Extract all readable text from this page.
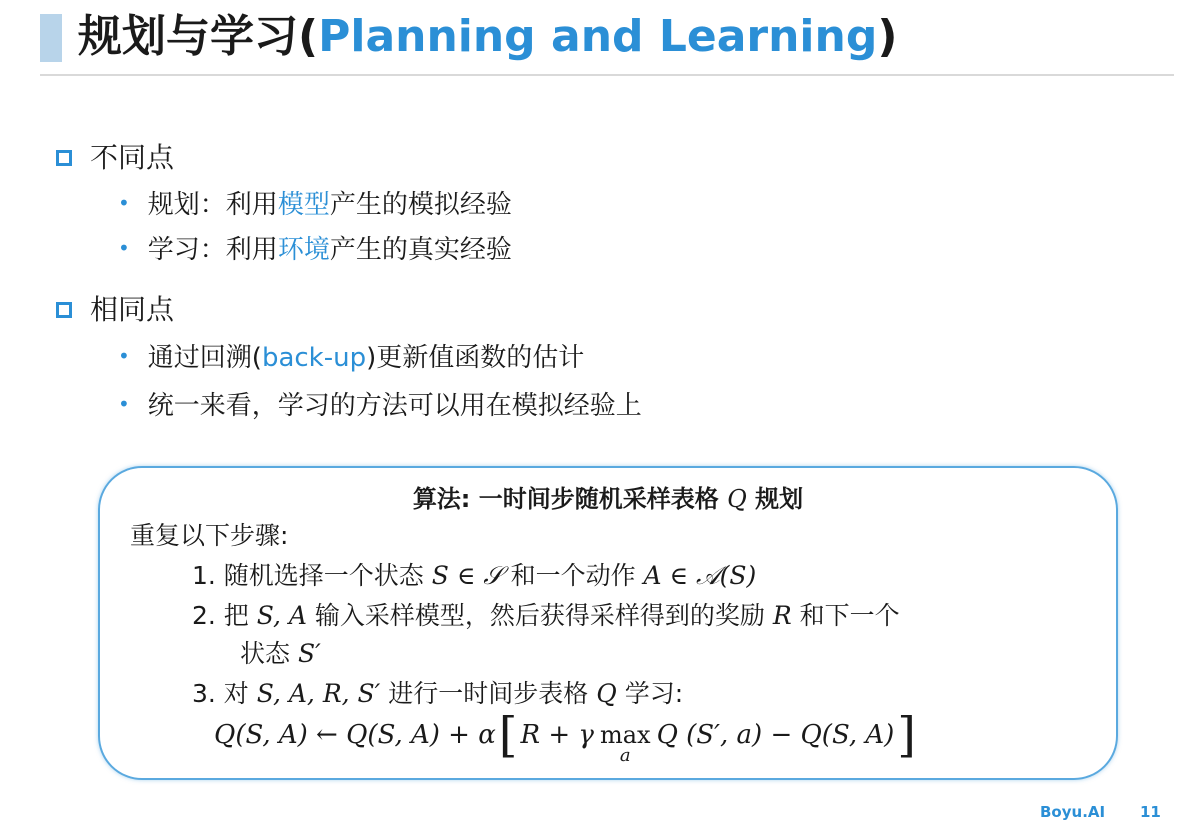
规划与学习(Planning and Learning)
不同点
• 规划：利用模型产生的模拟经验
• 学习：利用环境产生的真实经验
相同点
• 通过回溯(back-up)更新值函数的估计
• 统一来看，学习的方法可以用在模拟经验上
算法: 一时间步随机采样表格 Q 规划
重复以下步骤:
1. 随机选择一个状态 S ∈ 𝒮 和一个动作 A ∈ 𝒜(S)
2. 把 S, A 输入采样模型，然后获得采样得到的奖励 R 和下一个
状态 S′
3. 对 S, A, R, S′ 进行一时间步表格 Q 学习:
Q(S, A) ← Q(S, A) + α [ R + γ max
a
Q (S′, a) − Q(S, A) ]
Boyu.AI 11
